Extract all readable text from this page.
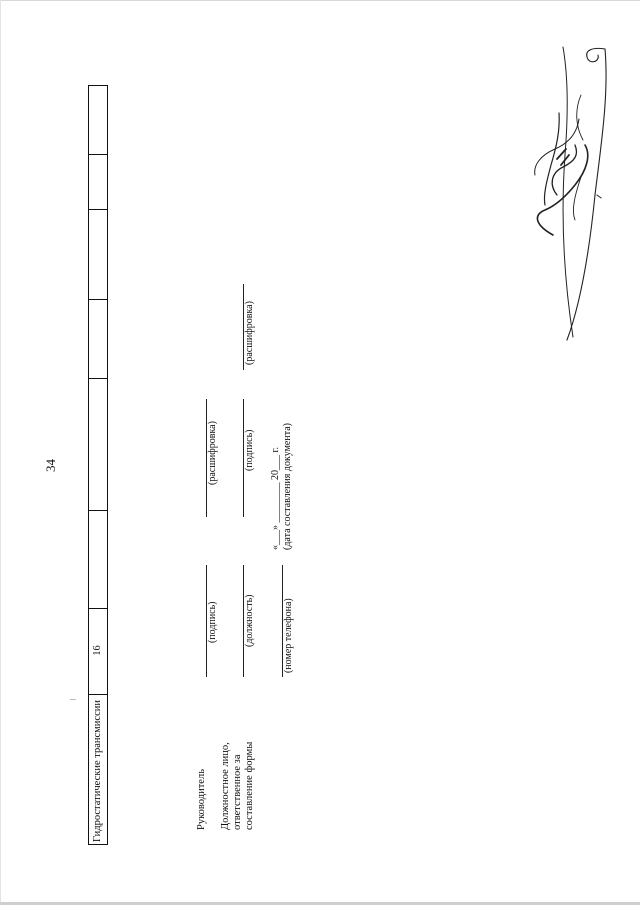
34
Гидростатические трансмиссии
16
Руководитель
(подпись)
(расшифровка)
Должностное лицо, ответственное за составление формы
(должность)
(подпись)
(расшифровка)
(номер телефона)
«___» ________ 20___ г. (дата составления документа)
